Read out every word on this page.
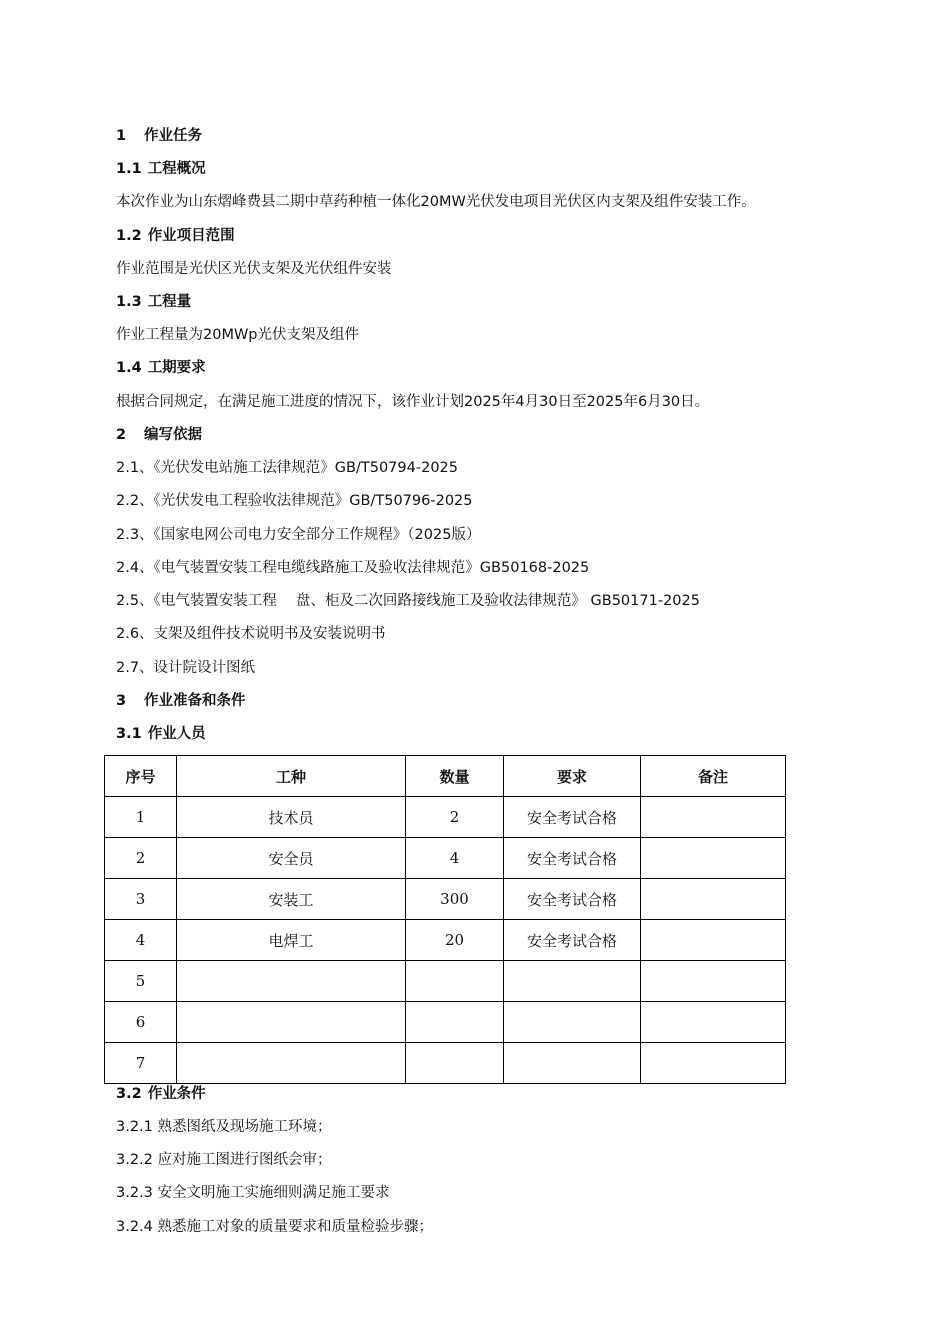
1 作业任务
1.1 工程概况
本次作业为山东熠峰费县二期中草药种植一体化20MW光伏发电项目光伏区内支架及组件安装工作。
1.2 作业项目范围
作业范围是光伏区光伏支架及光伏组件安装
1.3 工程量
作业工程量为20MWp光伏支架及组件
1.4 工期要求
根据合同规定，在满足施工进度的情况下，该作业计划2025年4月30日至2025年6月30日。
2 编写依据
2.1、《光伏发电站施工法律规范》GB/T50794-2025
2.2、《光伏发电工程验收法律规范》GB/T50796-2025
2.3、《国家电网公司电力安全部分工作规程》（2025版）
2.4、《电气装置安装工程电缆线路施工及验收法律规范》GB50168-2025
2.5、《电气装置安装工程　 盘、柜及二次回路接线施工及验收法律规范》 GB50171-2025
2.6、支架及组件技术说明书及安装说明书
2.7、设计院设计图纸
3 作业准备和条件
3.1 作业人员
序号	工种	数量	要求	备注
1	技术员	2	安全考试合格	
2	安全员	4	安全考试合格	
3	安装工	300	安全考试合格	
4	电焊工	20	安全考试合格	
5				
6				
7				
3.2 作业条件
3.2.1 熟悉图纸及现场施工环境；
3.2.2 应对施工图进行图纸会审；
3.2.3 安全文明施工实施细则满足施工要求
3.2.4 熟悉施工对象的质量要求和质量检验步骤；
